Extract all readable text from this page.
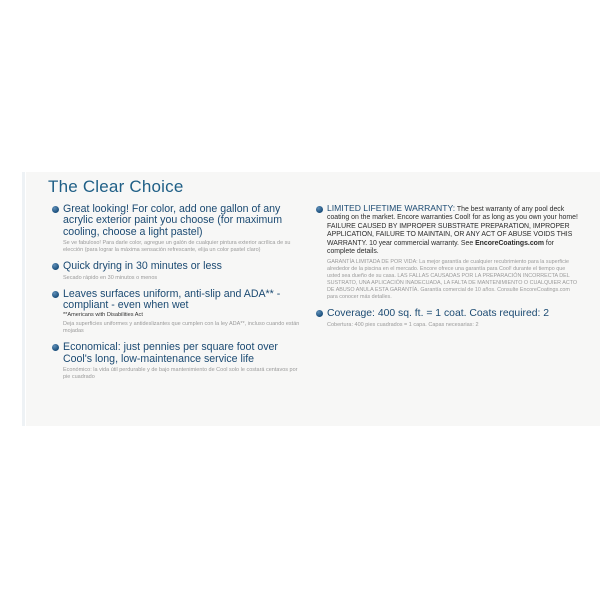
The Clear Choice
Great looking! For color, add one gallon of any acrylic exterior paint you choose (for maximum cooling, choose a light pastel)
Se ve fabuloso! Para darle color, agregue un galón de cualquier pintura exterior acrílica de su elección (para lograr la máxima sensación refrescante, elija un color pastel claro)
Quick drying in 30 minutes or less
Secado rápido en 30 minutos o menos
Leaves surfaces uniform, anti-slip and ADA** -compliant - even when wet
**Americans with Disabilities Act
Deja superficies uniformes y antideslizantes que cumplen con la ley ADA**, incluso cuando están mojadas
Economical: just pennies per square foot over Cool's long, low-maintenance service life
Económico: la vida útil perdurable y de bajo mantenimiento de Cool solo le costará centavos por pie cuadrado
LIMITED LIFETIME WARRANTY: The best warranty of any pool deck coating on the market. Encore warranties Cool! for as long as you own your home! FAILURE CAUSED BY IMPROPER SUBSTRATE PREPARATION, IMPROPER APPLICATION, FAILURE TO MAINTAIN, OR ANY ACT OF ABUSE VOIDS THIS WARRANTY. 10 year commercial warranty. See EncoreCoatings.com for complete details.
GARANTÍA LIMITADA DE POR VIDA: La mejor garantía de cualquier recubrimiento para la superficie alrededor de la piscina en el mercado. Encore ofrece una garantía para Cool! durante el tiempo que usted sea dueño de su casa. LAS FALLAS CAUSADAS POR LA PREPARACIÓN INCORRECTA DEL SUSTRATO, UNA APLICACIÓN INADECUADA, LA FALTA DE MANTENIMIENTO O CUALQUIER ACTO DE ABUSO ANULA ESTA GARANTÍA. Garantía comercial de 10 años. Consulte EncoreCoatings.com para conocer más detalles.
Coverage: 400 sq. ft. = 1 coat. Coats required: 2
Cobertura: 400 pies cuadrados = 1 capa. Capas necesarias: 2
